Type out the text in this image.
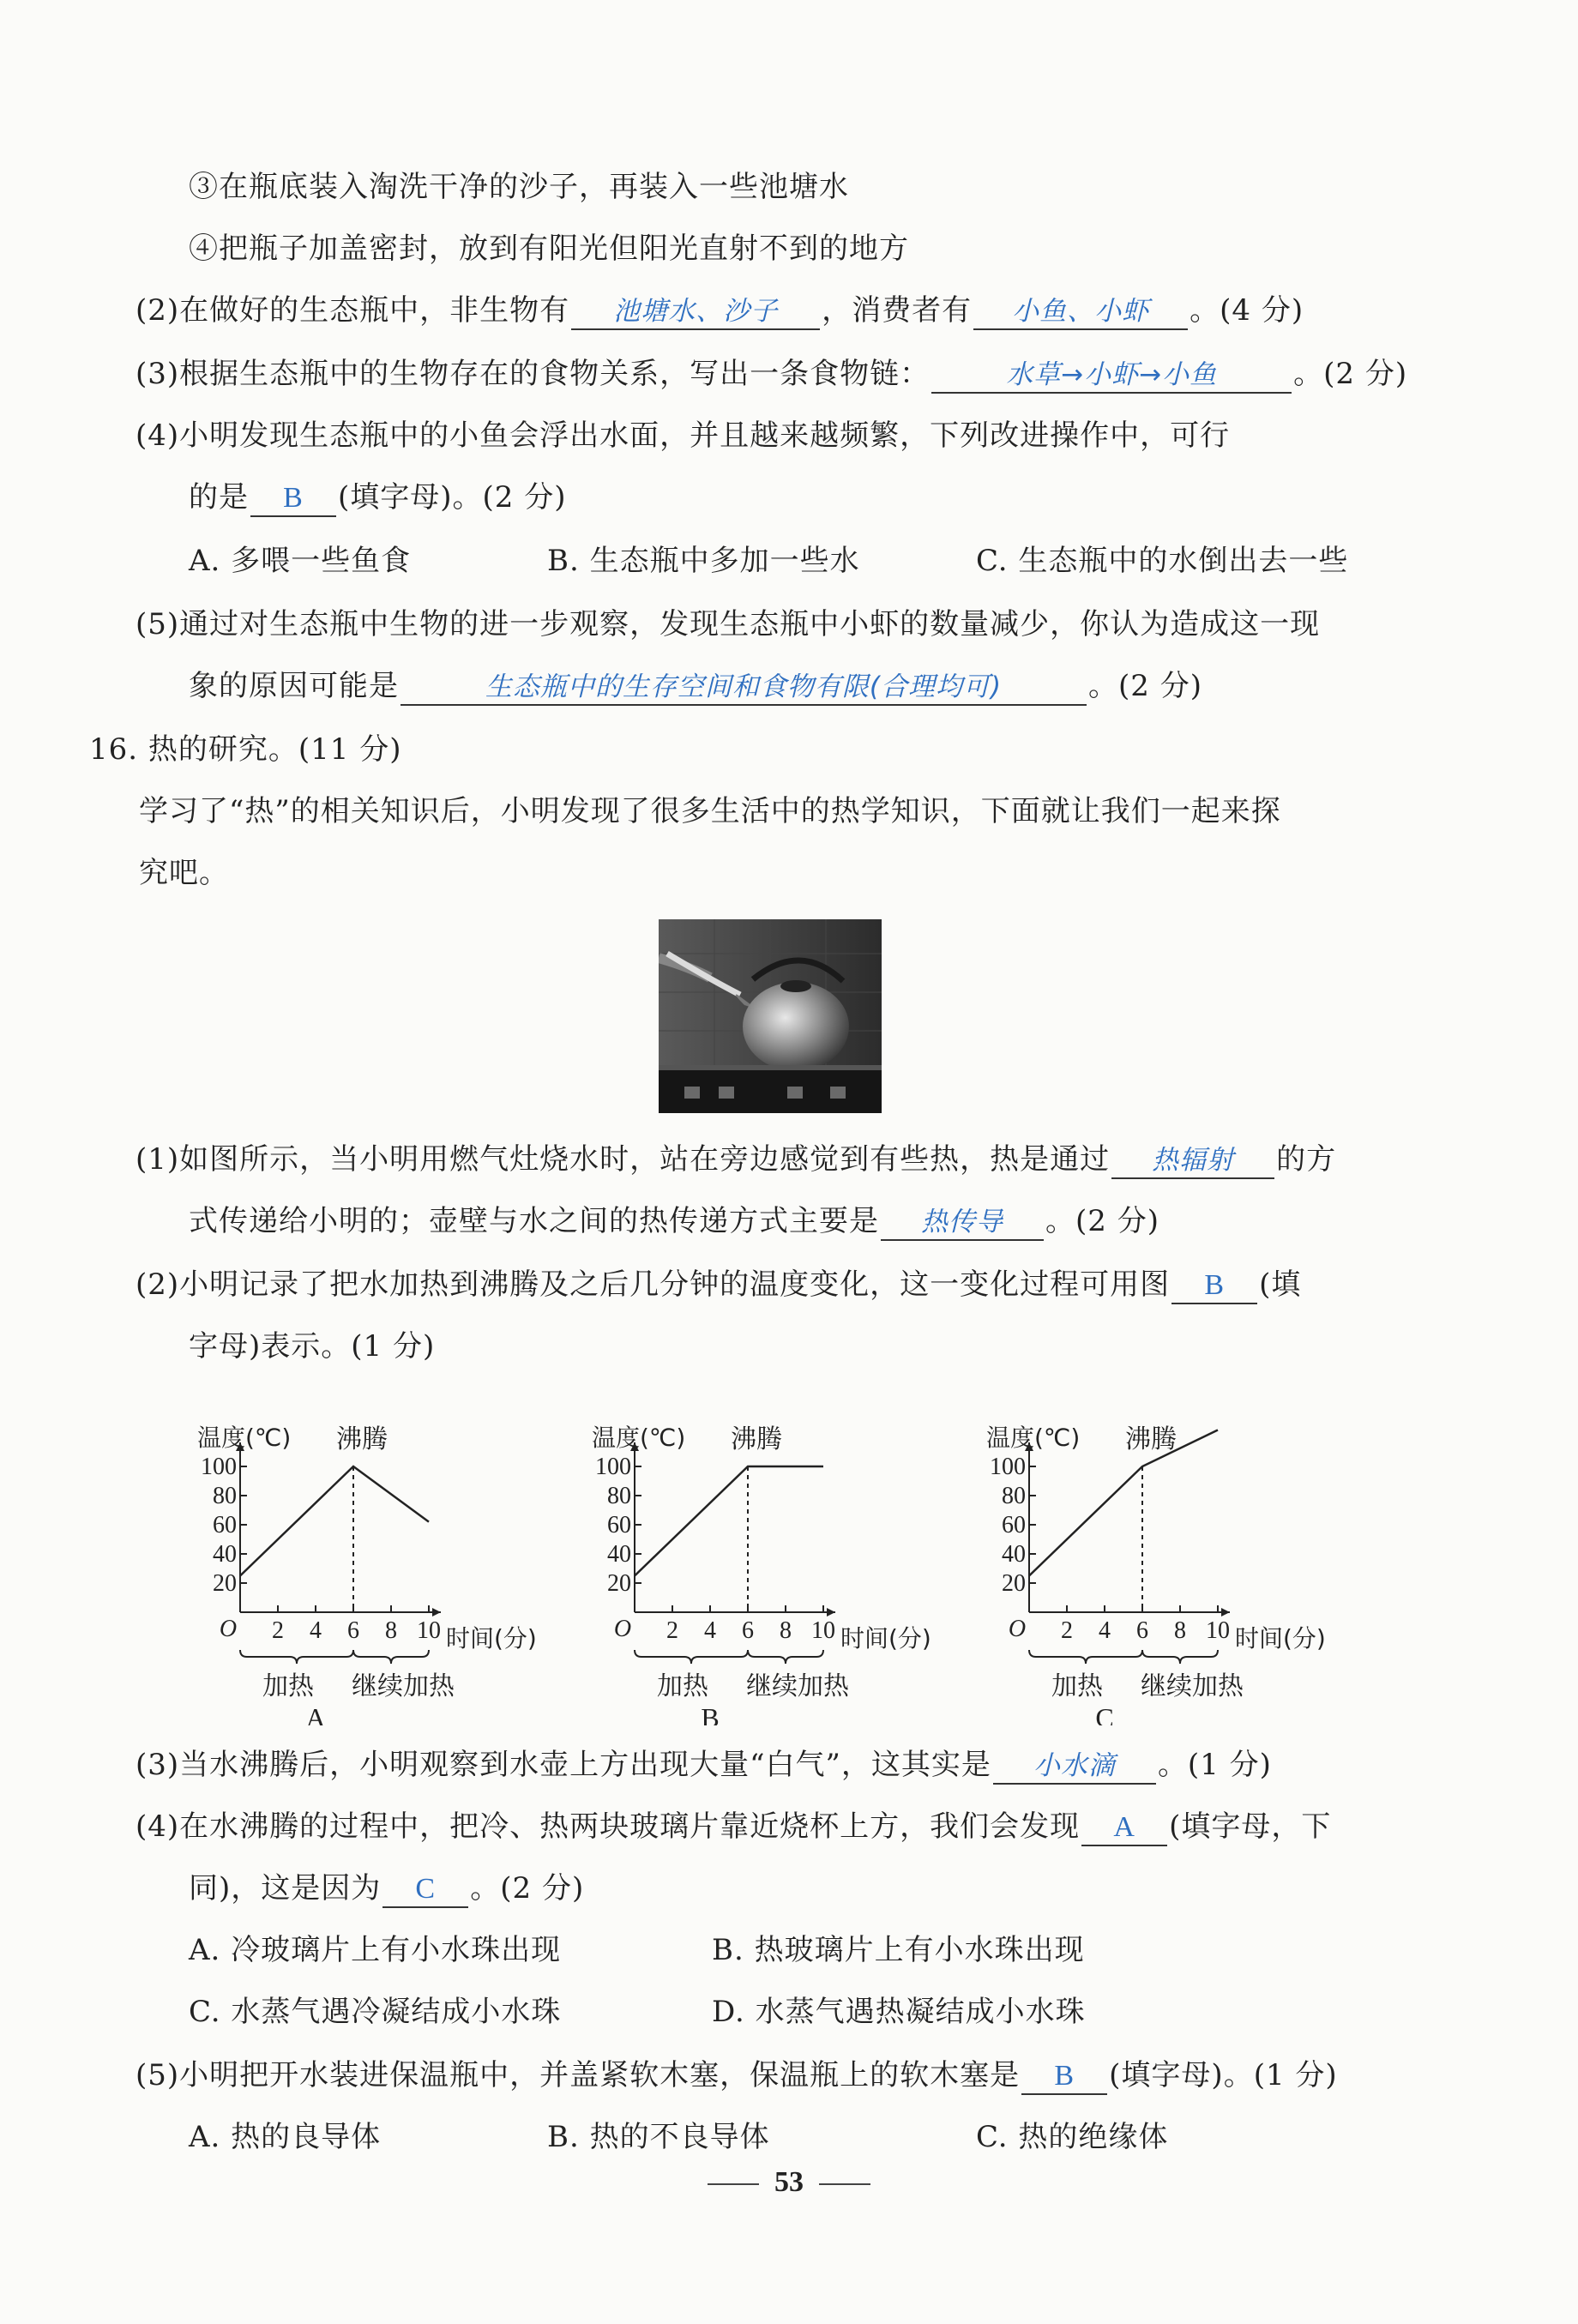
③在瓶底装入淘洗干净的沙子，再装入一些池塘水
④把瓶子加盖密封，放到有阳光但阳光直射不到的地方
(2)在做好的生态瓶中，非生物有 池塘水、沙子 ，消费者有 小鱼、小虾 。(4 分)
(3)根据生态瓶中的生物存在的食物关系，写出一条食物链：	水草→小虾→小鱼	。(2 分)
(4)小明发现生态瓶中的小鱼会浮出水面，并且越来越频繁，下列改进操作中，可行
的是 B (填字母)。(2 分)
A. 多喂一些鱼食	B. 生态瓶中多加一些水	C. 生态瓶中的水倒出去一些
(5)通过对生态瓶中生物的进一步观察，发现生态瓶中小虾的数量减少，你认为造成这一现
象的原因可能是	生态瓶中的生存空间和食物有限(合理均可)	。(2 分)
16. 热的研究。(11 分)
学习了“热”的相关知识后，小明发现了很多生活中的热学知识，下面就让我们一起来探
究吧。
(1)如图所示，当小明用燃气灶烧水时，站在旁边感觉到有些热，热是通过 热辐射 的方
式传递给小明的；壶壁与水之间的热传递方式主要是 热传导 。(2 分)
(2)小明记录了把水加热到沸腾及之后几分钟的温度变化，这一变化过程可用图 B (填
字母)表示。(1 分)
20
40
60
80
100
2 4 6 8 10
O
温度(℃)
时间(分)
沸腾
加热 继续加热
A
20
40
60
80
100
2 4 6 8 10
O
温度(℃)
时间(分)
沸腾
加热 继续加热
B
20
40
60
80
100
2 4 6 8 10
O
温度(℃)
时间(分)
沸腾
加热 继续加热
C
(3)当水沸腾后，小明观察到水壶上方出现大量“白气”，这其实是 小水滴 。(1 分)
(4)在水沸腾的过程中，把冷、热两块玻璃片靠近烧杯上方，我们会发现 A (填字母，下
同)，这是因为 C 。(2 分)
A. 冷玻璃片上有小水珠出现	B. 热玻璃片上有小水珠出现
C. 水蒸气遇冷凝结成小水珠	D. 水蒸气遇热凝结成小水珠
(5)小明把开水装进保温瓶中，并盖紧软木塞，保温瓶上的软木塞是 B (填字母)。(1 分)
A. 热的良导体	B. 热的不良导体	C. 热的绝缘体
53
